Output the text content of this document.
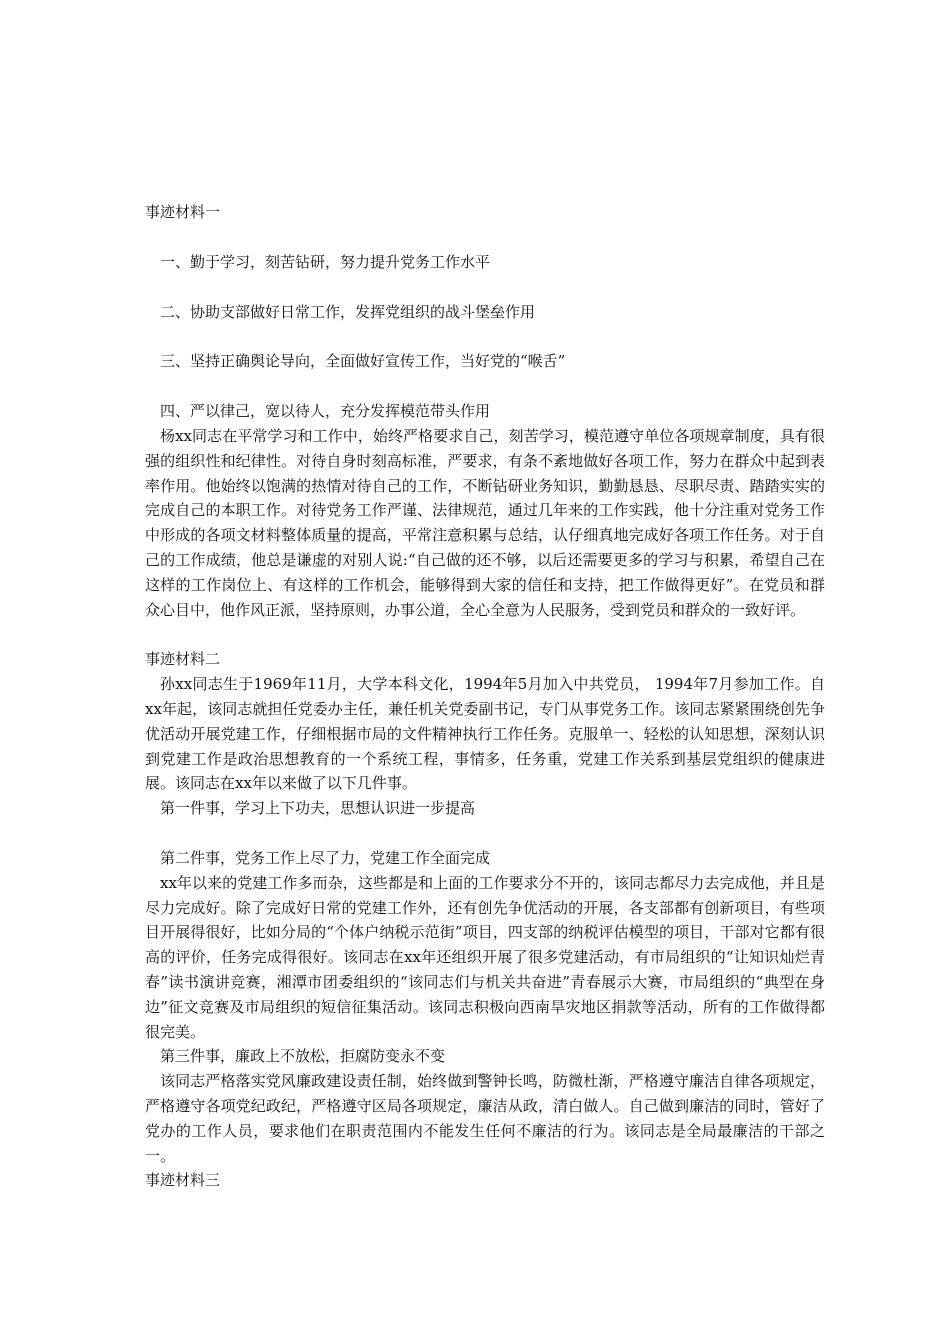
事迹材料一

一、勤于学习，刻苦钻研，努力提升党务工作水平

二、协助支部做好日常工作，发挥党组织的战斗堡垒作用

三、坚持正确舆论导向，全面做好宣传工作，当好党的“喉舌”

四、严以律己，宽以待人，充分发挥模范带头作用

杨xx同志在平常学习和工作中，始终严格要求自己，刻苦学习，模范遵守单位各项规章制度，具有很强的组织性和纪律性。对待自身时刻高标准，严要求，有条不紊地做好各项工作，努力在群众中起到表率作用。他始终以饱满的热情对待自己的工作，不断钻研业务知识，勤勤恳恳、尽职尽责、踏踏实实的完成自己的本职工作。对待党务工作严谨、法律规范，通过几年来的工作实践，他十分注重对党务工作中形成的各项文材料整体质量的提高，平常注意积累与总结，认仔细真地完成好各项工作任务。对于自己的工作成绩，他总是谦虚的对别人说:“自己做的还不够，以后还需要更多的学习与积累，希望自己在这样的工作岗位上、有这样的工作机会，能够得到大家的信任和支持，把工作做得更好”。在党员和群众心目中，他作风正派，坚持原则，办事公道，全心全意为人民服务，受到党员和群众的一致好评。

事迹材料二

孙xx同志生于1969年11月，大学本科文化，1994年5月加入中共党员， 1994年7月参加工作。自xx年起，该同志就担任党委办主任，兼任机关党委副书记，专门从事党务工作。该同志紧紧围绕创先争优活动开展党建工作，仔细根据市局的文件精神执行工作任务。克服单一、轻松的认知思想，深刻认识到党建工作是政治思想教育的一个系统工程，事情多，任务重，党建工作关系到基层党组织的健康进展。该同志在xx年以来做了以下几件事。

第一件事，学习上下功夫，思想认识进一步提高

第二件事，党务工作上尽了力，党建工作全面完成

xx年以来的党建工作多而杂，这些都是和上面的工作要求分不开的，该同志都尽力去完成他，并且是尽力完成好。除了完成好日常的党建工作外，还有创先争优活动的开展，各支部都有创新项目，有些项目开展得很好，比如分局的“个体户纳税示范街”项目，四支部的纳税评估模型的项目，干部对它都有很高的评价，任务完成得很好。该同志在xx年还组织开展了很多党建活动，有市局组织的“让知识灿烂青春”读书演讲竞赛，湘潭市团委组织的“该同志们与机关共奋进”青春展示大赛，市局组织的“典型在身边”征文竞赛及市局组织的短信征集活动。该同志积极向西南旱灾地区捐款等活动，所有的工作做得都很完美。

第三件事，廉政上不放松，拒腐防变永不变

该同志严格落实党风廉政建设责任制，始终做到警钟长鸣，防微杜渐，严格遵守廉洁自律各项规定，严格遵守各项党纪政纪，严格遵守区局各项规定，廉洁从政，清白做人。自己做到廉洁的同时，管好了党办的工作人员，要求他们在职责范围内不能发生任何不廉洁的行为。该同志是全局最廉洁的干部之一。

事迹材料三
